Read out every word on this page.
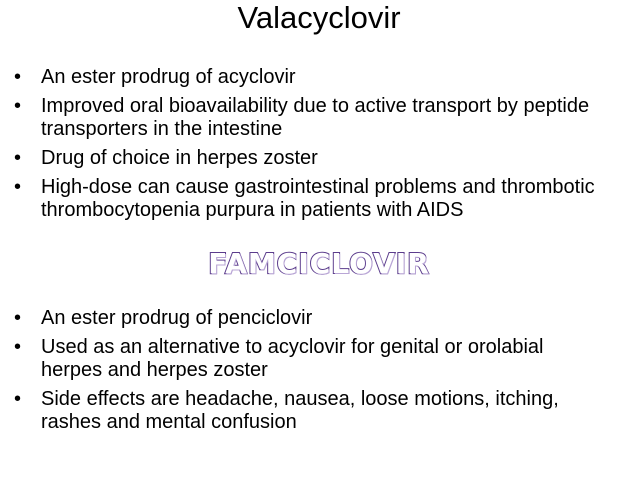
Valacyclovir
• An ester prodrug of acyclovir
• Improved oral bioavailability due to active transport by peptide transporters in the intestine
• Drug of choice in herpes zoster
• High-dose can cause gastrointestinal problems and thrombotic thrombocytopenia purpura in patients with AIDS
FAMCICLOVIR
• An ester prodrug of penciclovir
• Used as an alternative to acyclovir for genital or orolabial herpes and herpes zoster
• Side effects are headache, nausea, loose motions, itching, rashes and mental confusion
